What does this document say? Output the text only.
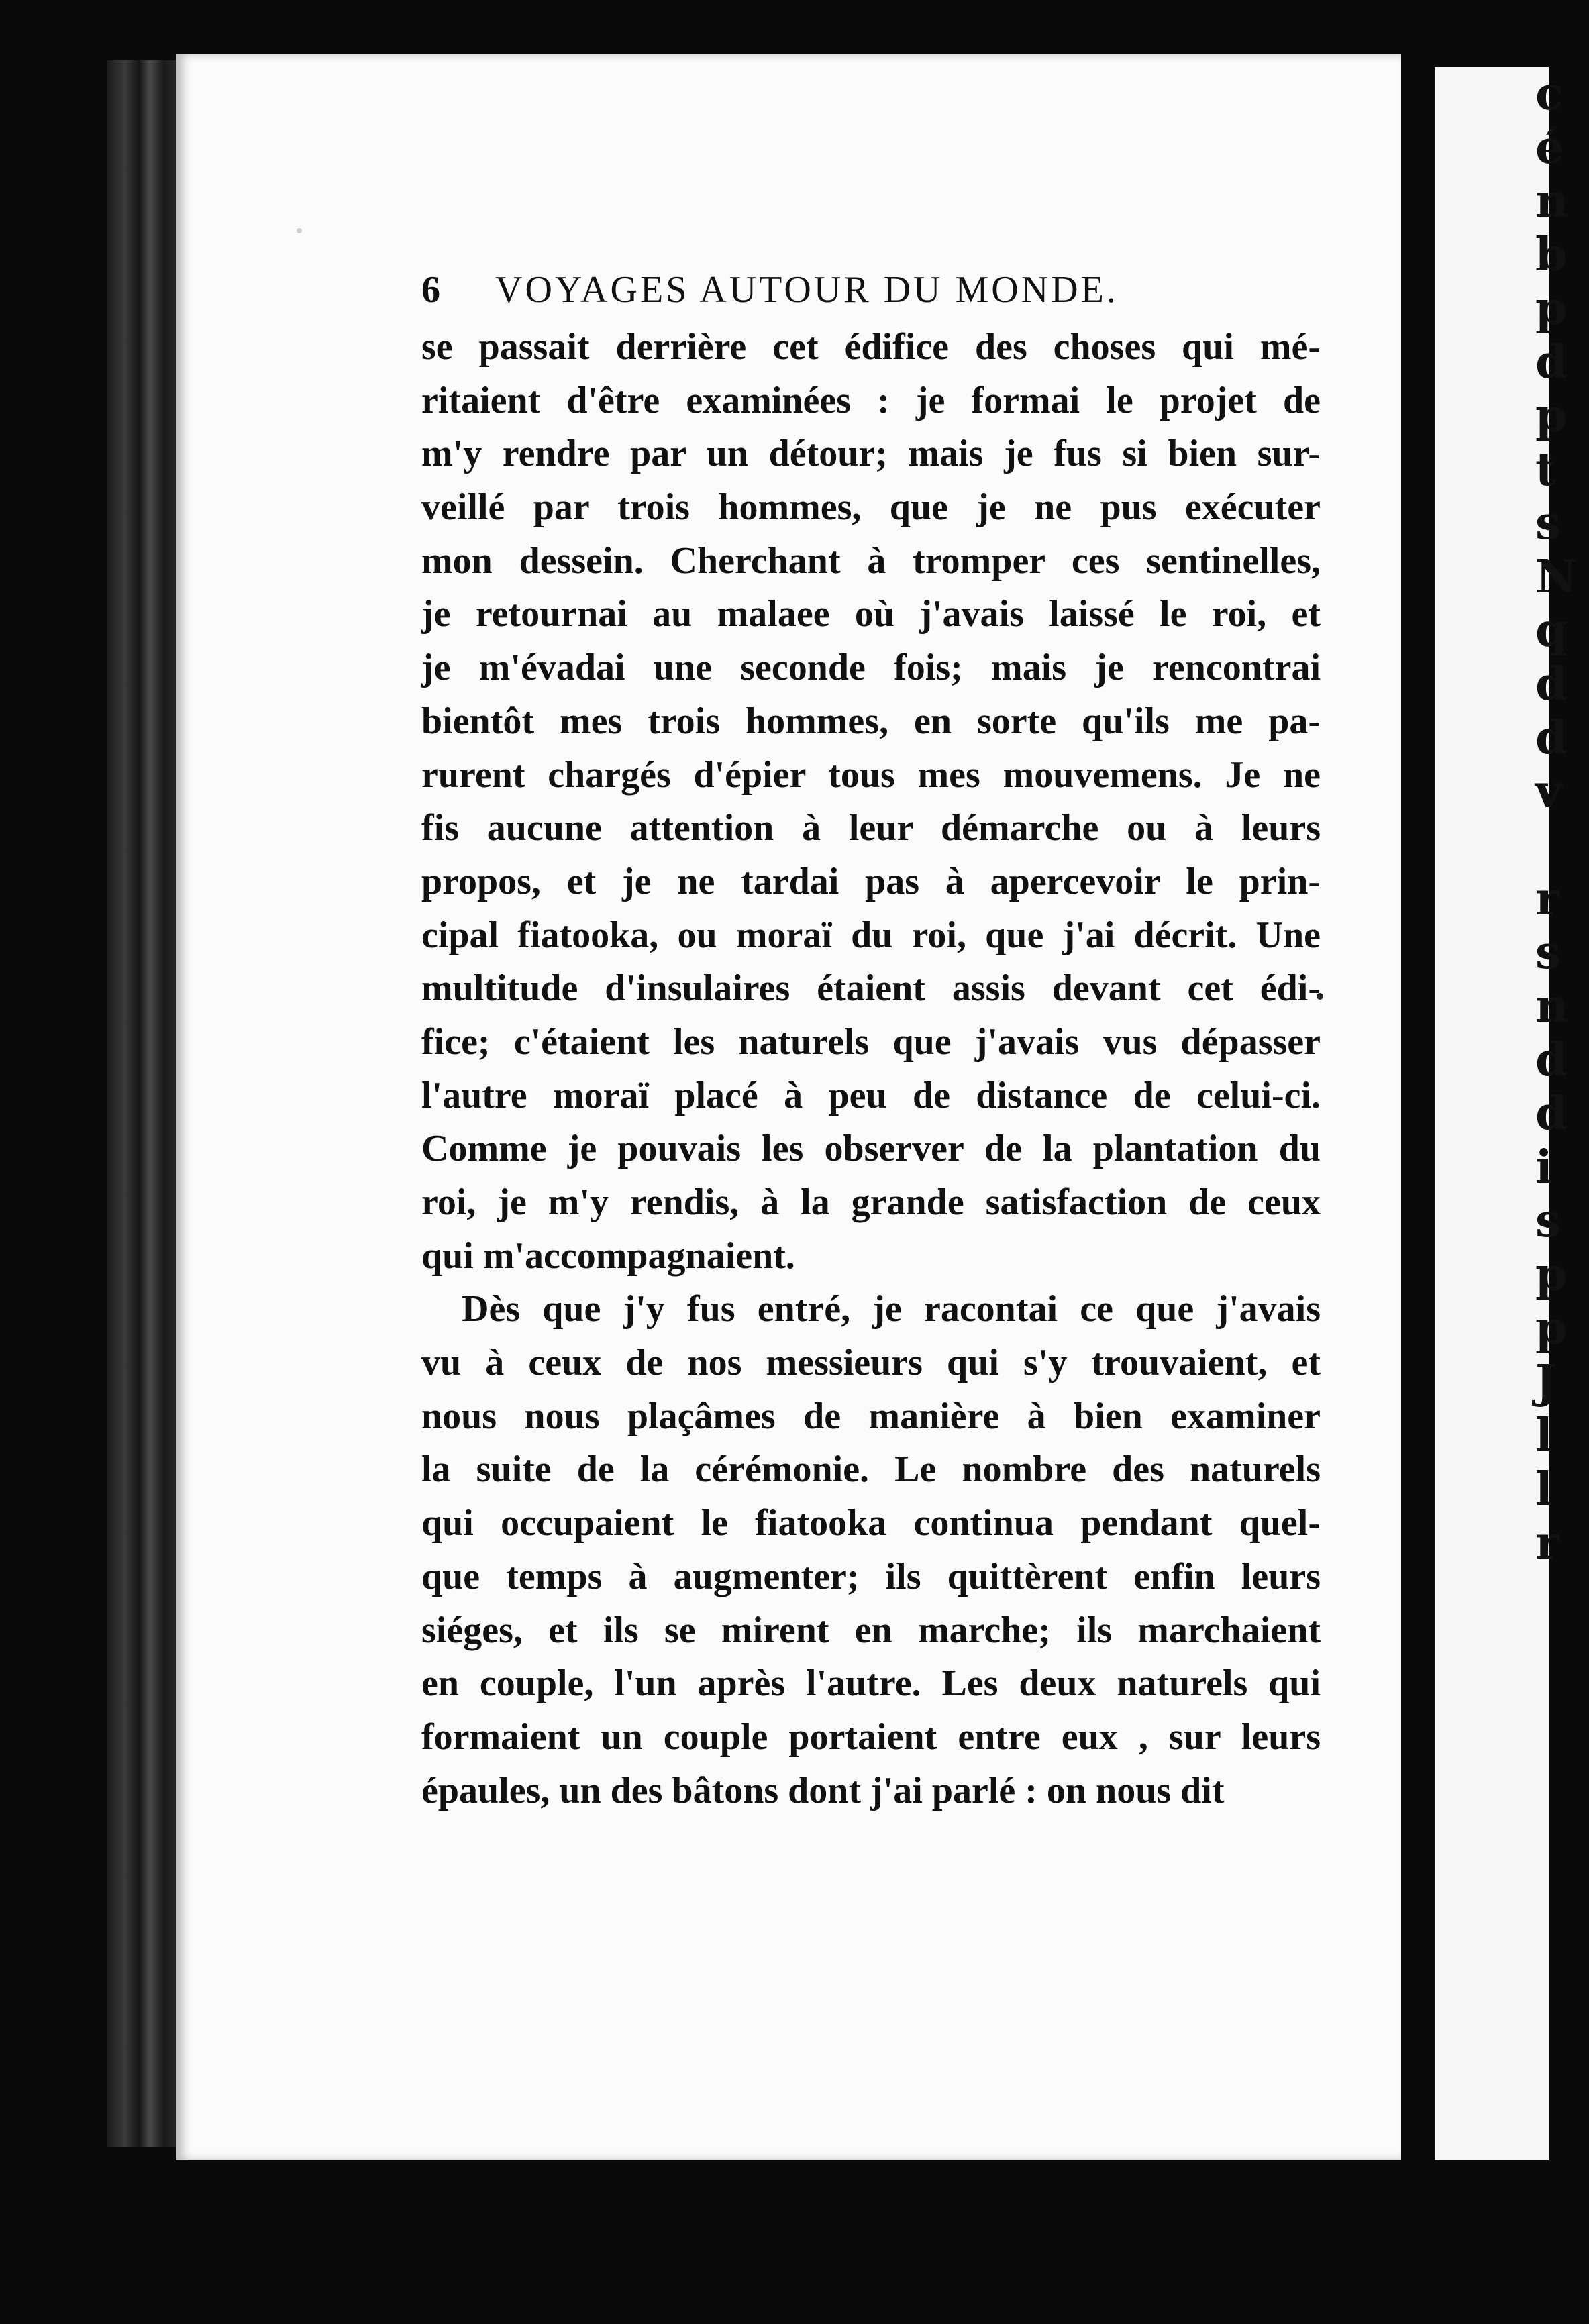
c
é
n
b
p
d
p
t
s
N
q
d
d
v
r
s
n
d
d
i
s
p
p
J
l
l
r
6 VOYAGES AUTOUR DU MONDE.
se passait derrière cet édifice des choses qui mé-
ritaient d'être examinées : je formai le projet de
m'y rendre par un détour; mais je fus si bien sur-
veillé par trois hommes, que je ne pus exécuter
mon dessein. Cherchant à tromper ces sentinelles,
je retournai au malaee où j'avais laissé le roi, et
je m'évadai une seconde fois; mais je rencontrai
bientôt mes trois hommes, en sorte qu'ils me pa-
rurent chargés d'épier tous mes mouvemens. Je ne
fis aucune attention à leur démarche ou à leurs
propos, et je ne tardai pas à apercevoir le prin-
cipal fiatooka, ou moraï du roi, que j'ai décrit. Une
multitude d'insulaires étaient assis devant cet édi-
fice; c'étaient les naturels que j'avais vus dépasser
l'autre moraï placé à peu de distance de celui-ci.
Comme je pouvais les observer de la plantation du
roi, je m'y rendis, à la grande satisfaction de ceux
qui m'accompagnaient.
Dès que j'y fus entré, je racontai ce que j'avais
vu à ceux de nos messieurs qui s'y trouvaient, et
nous nous plaçâmes de manière à bien examiner
la suite de la cérémonie. Le nombre des naturels
qui occupaient le fiatooka continua pendant quel-
que temps à augmenter; ils quittèrent enfin leurs
siéges, et ils se mirent en marche; ils marchaient
en couple, l'un après l'autre. Les deux naturels qui
formaient un couple portaient entre eux , sur leurs
épaules, un des bâtons dont j'ai parlé : on nous dit
